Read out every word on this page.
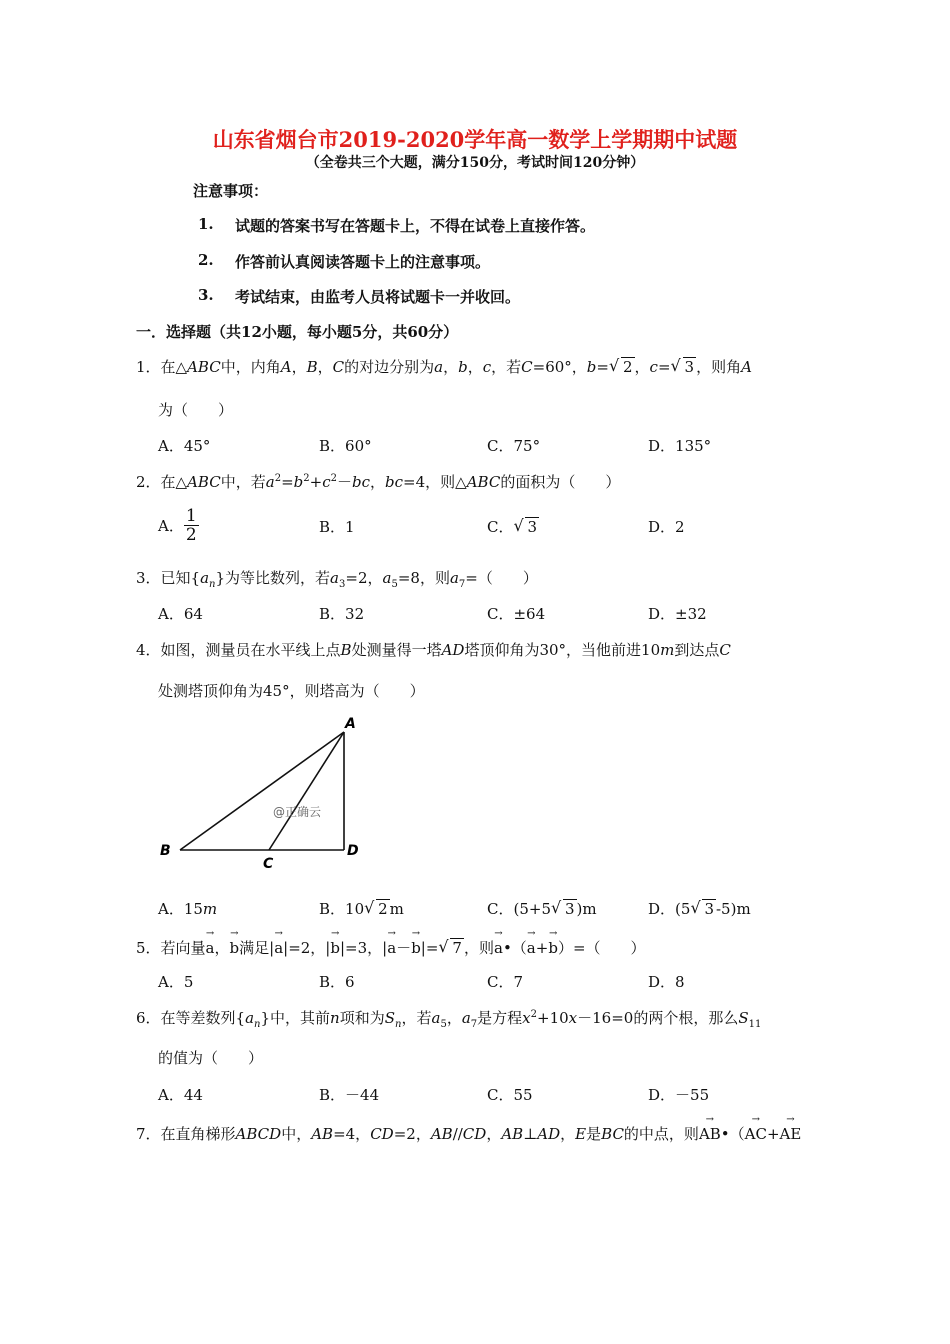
山东省烟台市2019-2020学年高一数学上学期期中试题
（全卷共三个大题，满分150分，考试时间120分钟）
注意事项：
1. 试题的答案书写在答题卡上，不得在试卷上直接作答。
2. 作答前认真阅读答题卡上的注意事项。
3. 考试结束，由监考人员将试题卡一并收回。
一．选择题（共12小题，每小题5分，共60分）
1．在△ABC中，内角A，B，C的对边分别为a，b，c，若C=60°，b= √ 2 ，c= √ 3 ，则角A
为（　　）
A．45°	B．60°	C．75°	D．135°
2．在△ABC中，若$a^2=b^2+c^2-bc$，bc=4，则△ABC的面积为（　　）
A． $\frac{1}{2}$	B．1	C． √ 3	D．2
3．已知$\{a_n\}$为等比数列，若$a_3=2$，$a_5=8$，则$a_7=$（　　）
A．64	B．32	C．±64	D．±32
4．如图，测量员在水平线上点B处测量得一塔AD塔顶仰角为30°，当他前进10m到达点C
处测塔顶仰角为45°，则塔高为（　　）
A
B
C
D
@正确云
A．15m	B．10 √ 2 m	C．(5+5 √ 3 )m	D．(5 √ 3 -5)m
5．若向量→ a，→ b满足|→ a|=2，|→ b|=3，|→ a－→ b|= √ 7 ，则→ a•（→ a+→ b）=（　　）
A．5	B．6	C．7	D．8
6．在等差数列$\{a_n\}$中，其前n项和为$S_n$，若$a_5$，$a_7$是方程$x^2+10x-16=0$的两个根，那么$S_{11}$
的值为（　　）
A．44	B．－44	C．55	D．－55
7．在直角梯形ABCD中，AB=4，CD=2，AB//CD，AB⊥AD，E是BC的中点，则→ AB•（→ AC+→ AE
